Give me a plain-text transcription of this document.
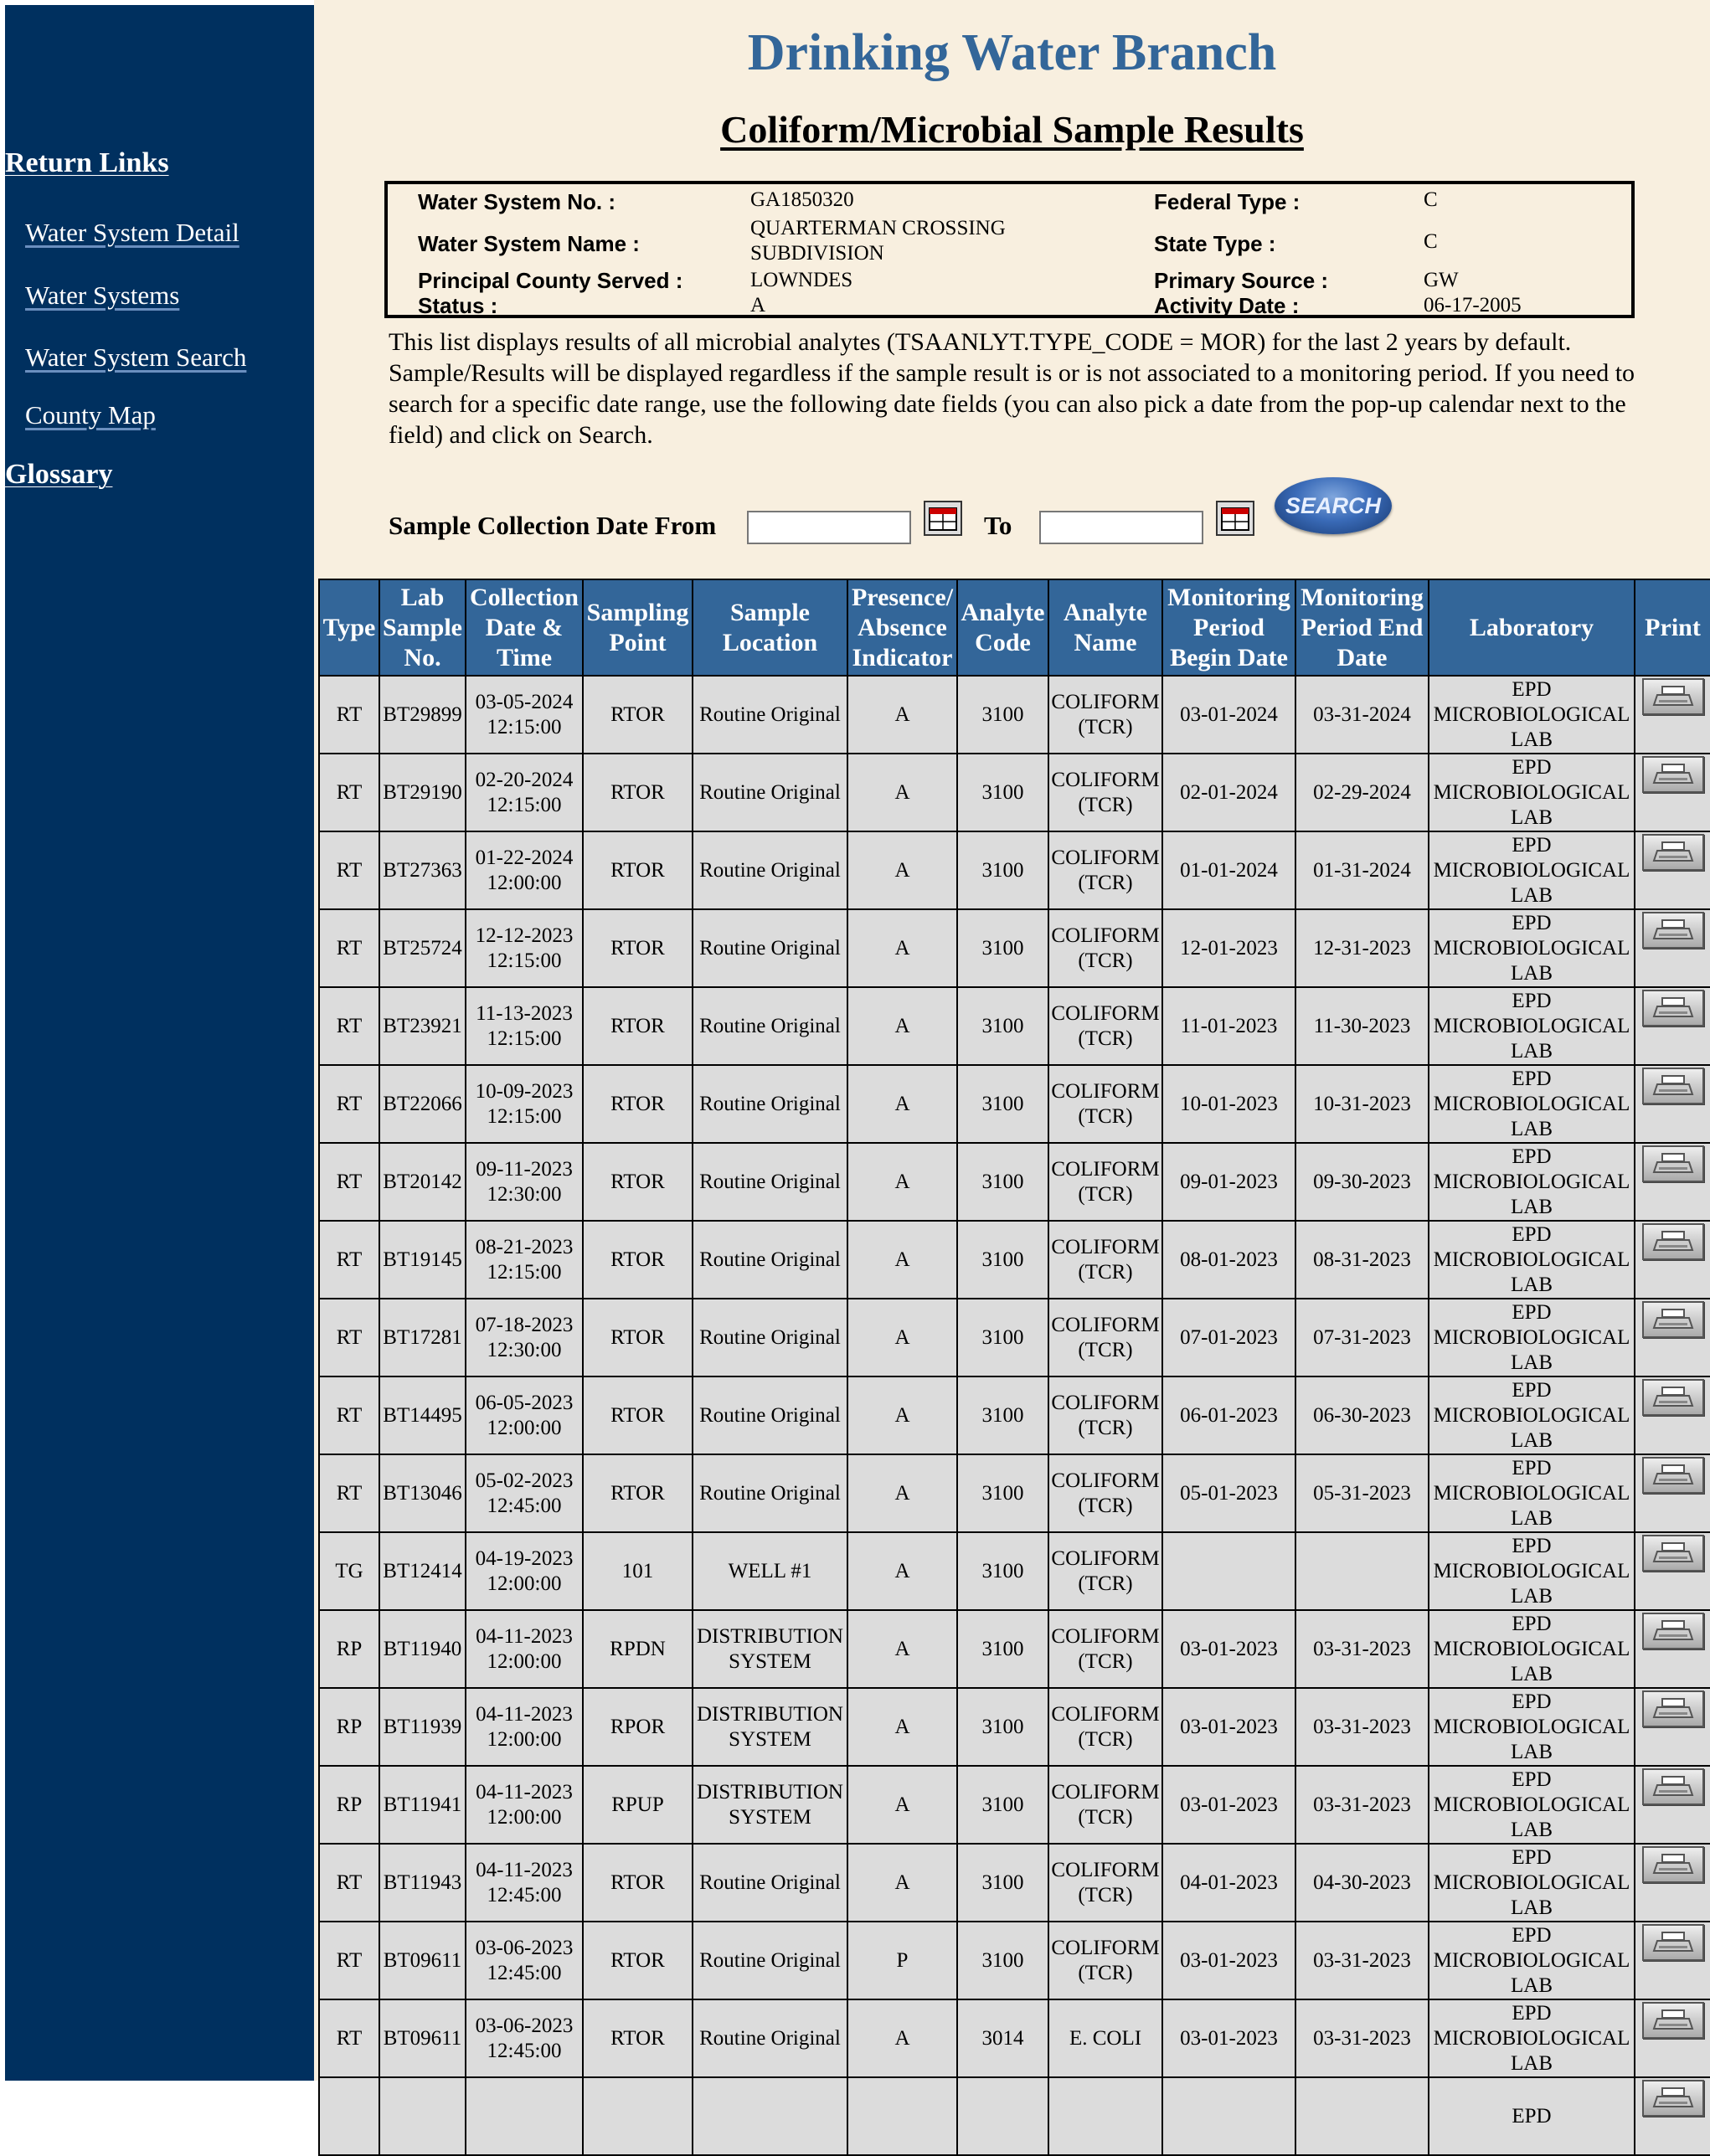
Return Links
Water System Detail
Water Systems
Water System Search
County Map
Glossary
Drinking Water Branch
Coliform/Microbial Sample Results
Water System No. :	GA1850320
Water System Name :
QUARTERMAN CROSSING
SUBDIVISION
Principal County Served :	LOWNDES
Status :	A
Federal Type :	C
State Type :	C
Primary Source :	GW
Activity Date :	06-17-2005
This list displays results of all microbial analytes (TSAANLYT.TYPE_CODE = MOR) for the last 2 years by default. Sample/Results will be displayed regardless if the sample result is or is not associated to a monitoring period. If you need to search for a specific date range, use the following date fields (you can also pick a date from the pop-up calendar next to the field) and click on Search.
Sample Collection Date From	To
SEARCH
Type	Lab Sample No.	Collection Date & Time	Sampling Point	Sample Location	Presence/ Absence Indicator	Analyte Code	Analyte Name	Monitoring Period Begin Date	Monitoring Period End Date	Laboratory	Print
RT	BT29899	03-05-2024 12:15:00	RTOR	Routine Original	A	3100	COLIFORM (TCR)	03-01-2024	03-31-2024	EPD MICROBIOLOGICAL LAB	
RT	BT29190	02-20-2024 12:15:00	RTOR	Routine Original	A	3100	COLIFORM (TCR)	02-01-2024	02-29-2024	EPD MICROBIOLOGICAL LAB	
RT	BT27363	01-22-2024 12:00:00	RTOR	Routine Original	A	3100	COLIFORM (TCR)	01-01-2024	01-31-2024	EPD MICROBIOLOGICAL LAB	
RT	BT25724	12-12-2023 12:15:00	RTOR	Routine Original	A	3100	COLIFORM (TCR)	12-01-2023	12-31-2023	EPD MICROBIOLOGICAL LAB	
RT	BT23921	11-13-2023 12:15:00	RTOR	Routine Original	A	3100	COLIFORM (TCR)	11-01-2023	11-30-2023	EPD MICROBIOLOGICAL LAB	
RT	BT22066	10-09-2023 12:15:00	RTOR	Routine Original	A	3100	COLIFORM (TCR)	10-01-2023	10-31-2023	EPD MICROBIOLOGICAL LAB	
RT	BT20142	09-11-2023 12:30:00	RTOR	Routine Original	A	3100	COLIFORM (TCR)	09-01-2023	09-30-2023	EPD MICROBIOLOGICAL LAB	
RT	BT19145	08-21-2023 12:15:00	RTOR	Routine Original	A	3100	COLIFORM (TCR)	08-01-2023	08-31-2023	EPD MICROBIOLOGICAL LAB	
RT	BT17281	07-18-2023 12:30:00	RTOR	Routine Original	A	3100	COLIFORM (TCR)	07-01-2023	07-31-2023	EPD MICROBIOLOGICAL LAB	
RT	BT14495	06-05-2023 12:00:00	RTOR	Routine Original	A	3100	COLIFORM (TCR)	06-01-2023	06-30-2023	EPD MICROBIOLOGICAL LAB	
RT	BT13046	05-02-2023 12:45:00	RTOR	Routine Original	A	3100	COLIFORM (TCR)	05-01-2023	05-31-2023	EPD MICROBIOLOGICAL LAB	
TG	BT12414	04-19-2023 12:00:00	101	WELL #1	A	3100	COLIFORM (TCR)			EPD MICROBIOLOGICAL LAB	
RP	BT11940	04-11-2023 12:00:00	RPDN	DISTRIBUTION SYSTEM	A	3100	COLIFORM (TCR)	03-01-2023	03-31-2023	EPD MICROBIOLOGICAL LAB	
RP	BT11939	04-11-2023 12:00:00	RPOR	DISTRIBUTION SYSTEM	A	3100	COLIFORM (TCR)	03-01-2023	03-31-2023	EPD MICROBIOLOGICAL LAB	
RP	BT11941	04-11-2023 12:00:00	RPUP	DISTRIBUTION SYSTEM	A	3100	COLIFORM (TCR)	03-01-2023	03-31-2023	EPD MICROBIOLOGICAL LAB	
RT	BT11943	04-11-2023 12:45:00	RTOR	Routine Original	A	3100	COLIFORM (TCR)	04-01-2023	04-30-2023	EPD MICROBIOLOGICAL LAB	
RT	BT09611	03-06-2023 12:45:00	RTOR	Routine Original	P	3100	COLIFORM (TCR)	03-01-2023	03-31-2023	EPD MICROBIOLOGICAL LAB	
RT	BT09611	03-06-2023 12:45:00	RTOR	Routine Original	A	3014	E. COLI	03-01-2023	03-31-2023	EPD MICROBIOLOGICAL LAB	
										EPD	
